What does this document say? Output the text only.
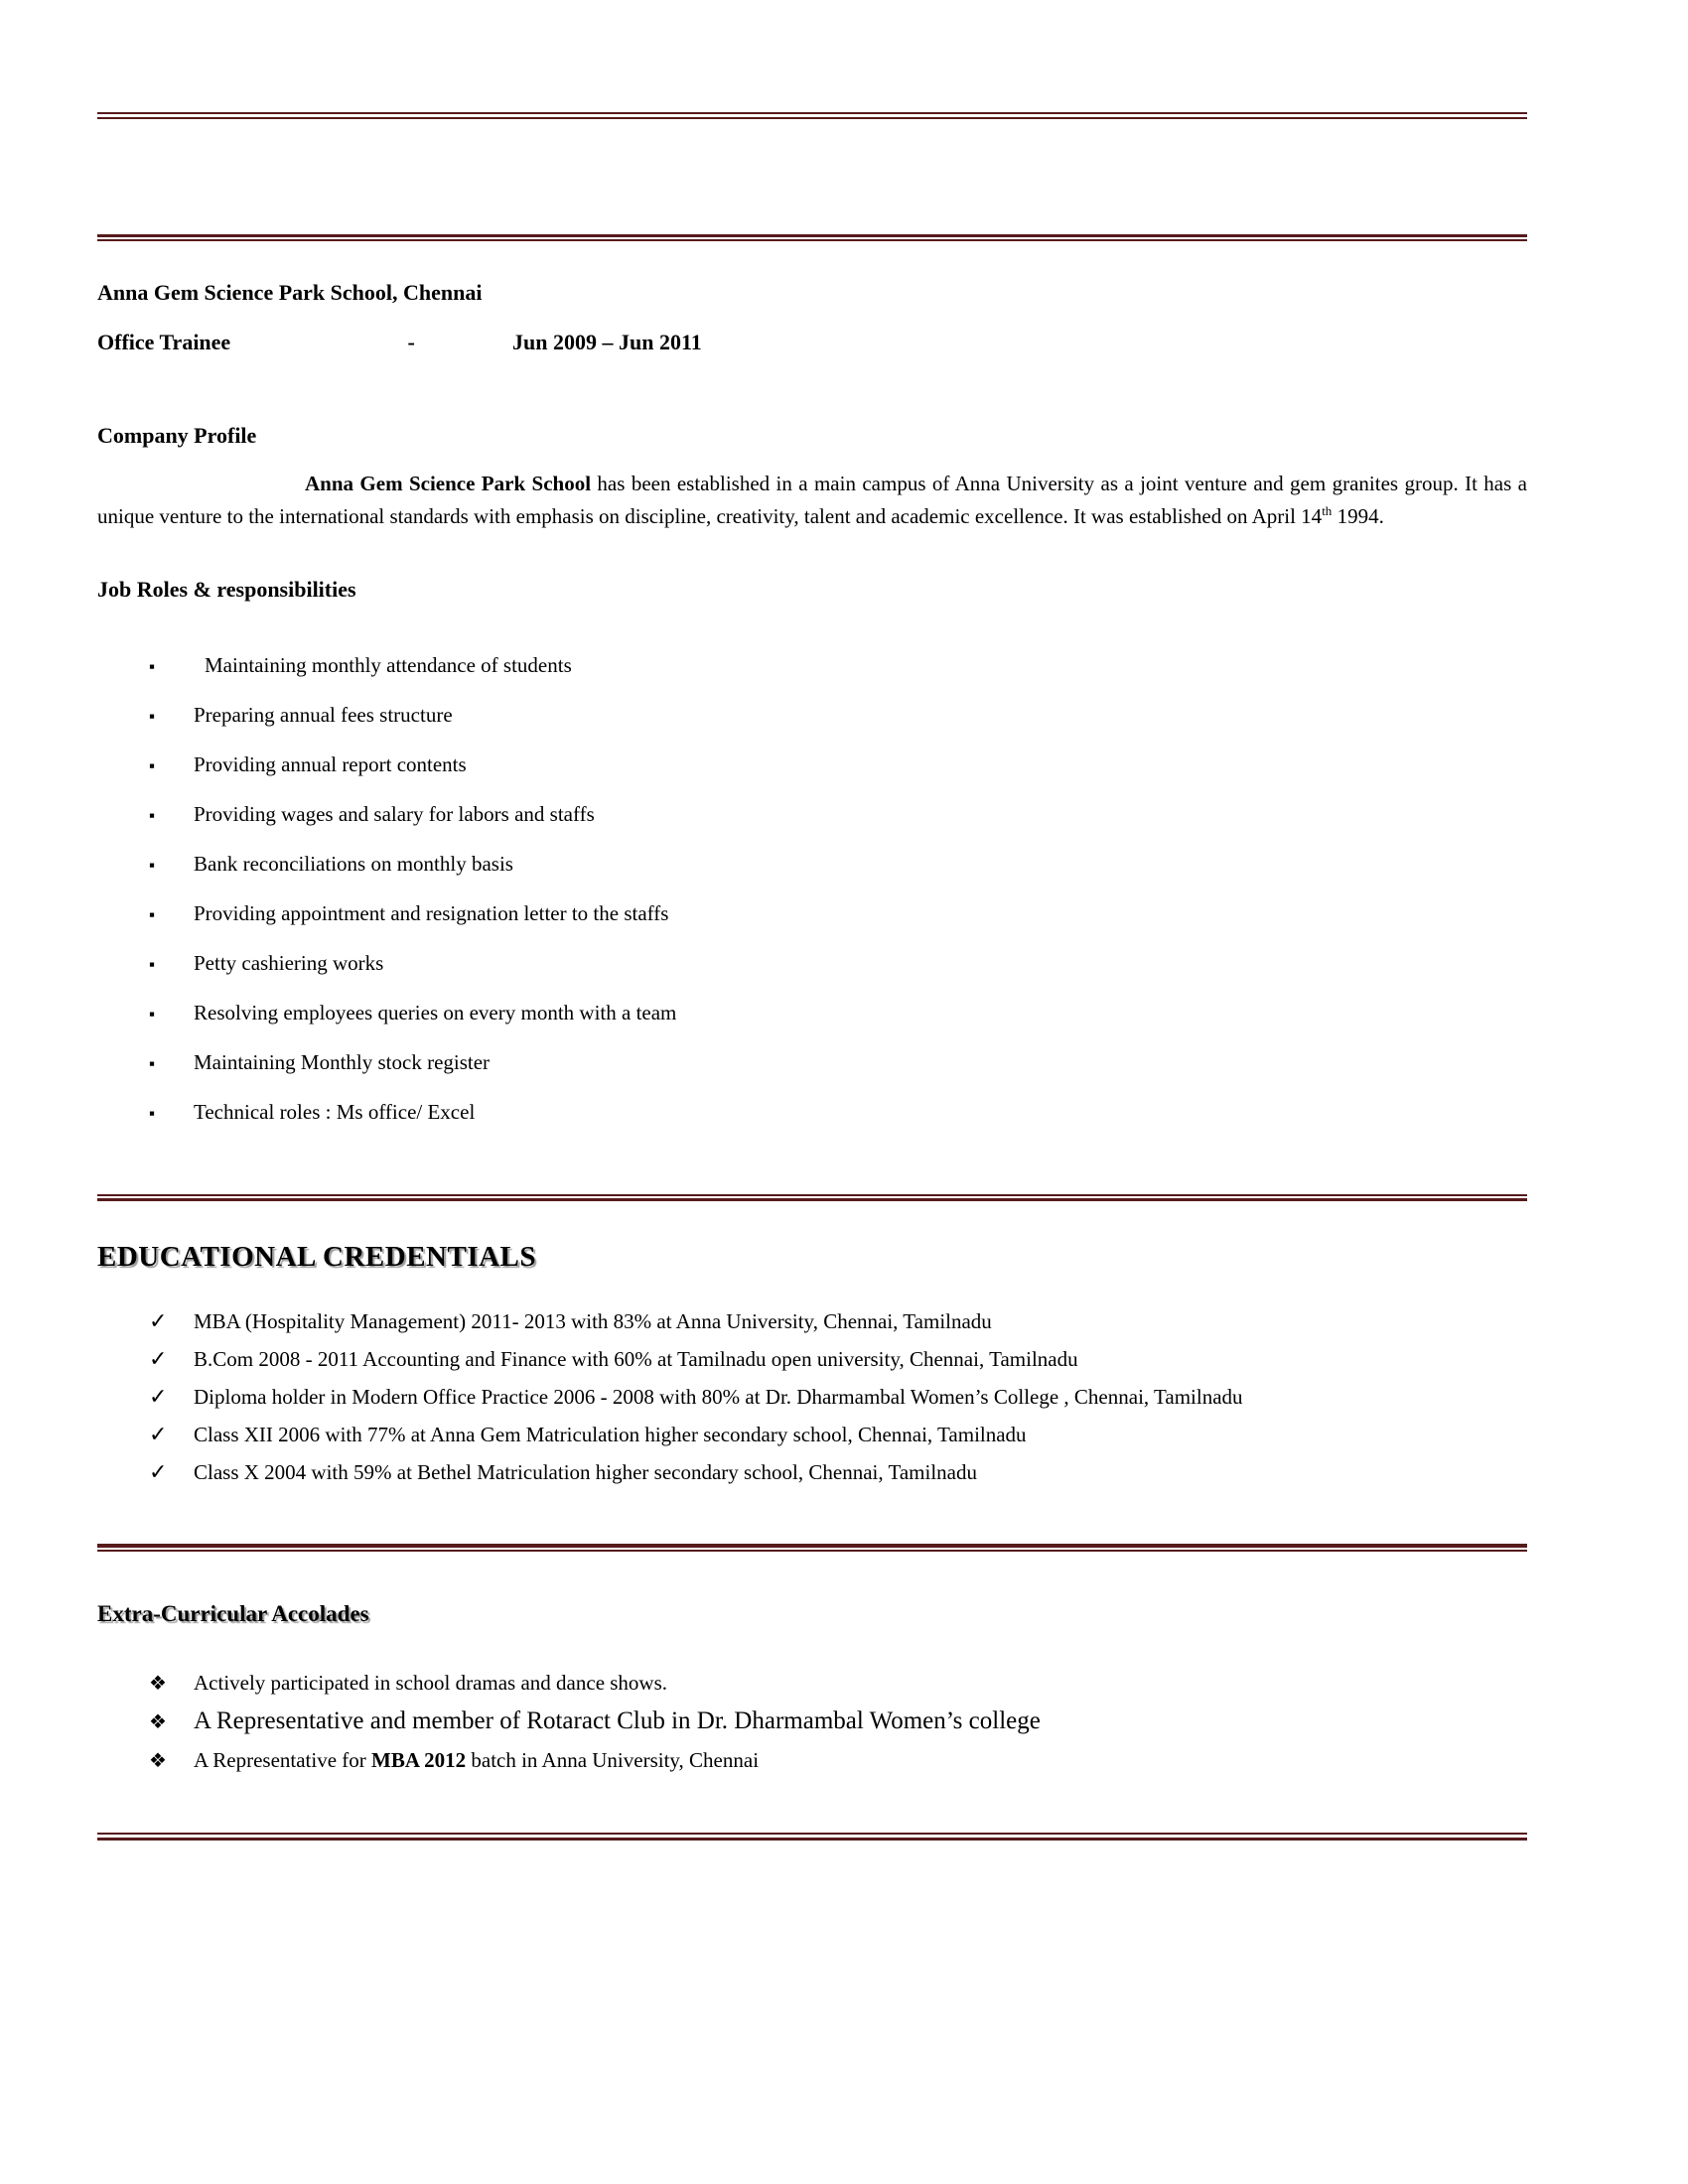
Anna Gem Science Park School, Chennai
Office Trainee	-	Jun 2009 – Jun 2011
Company Profile

Anna Gem Science Park School has been established in a main campus of Anna University as a joint venture and gem granites group. It has a unique venture to the international standards with emphasis on discipline, creativity, talent and academic excellence. It was established on April 14th 1994.

Job Roles & responsibilities
▪	Maintaining monthly attendance of students
▪	Preparing annual fees structure
▪	Providing annual report contents
▪	Providing wages and salary for labors and staffs
▪	Bank reconciliations on monthly basis
▪	Providing appointment and resignation letter to the staffs
▪	Petty cashiering works
▪	Resolving employees queries on every month with a team
▪	Maintaining Monthly stock register
▪	Technical roles : Ms office/ Excel
EDUCATIONAL CREDENTIALS
✓	MBA (Hospitality Management) 2011- 2013 with 83% at Anna University, Chennai, Tamilnadu
✓	B.Com 2008 - 2011 Accounting and Finance with 60% at Tamilnadu open university, Chennai, Tamilnadu
✓	Diploma holder in Modern Office Practice 2006 - 2008 with 80% at Dr. Dharmambal Women’s College , Chennai, Tamilnadu
✓	Class XII 2006 with 77% at Anna Gem Matriculation higher secondary school, Chennai, Tamilnadu
✓	Class X 2004 with 59% at Bethel Matriculation higher secondary school, Chennai, Tamilnadu
Extra-Curricular Accolades
❖	Actively participated in school dramas and dance shows.
❖	A Representative and member of Rotaract Club in Dr. Dharmambal Women’s college
❖	A Representative for MBA 2012 batch in Anna University, Chennai
